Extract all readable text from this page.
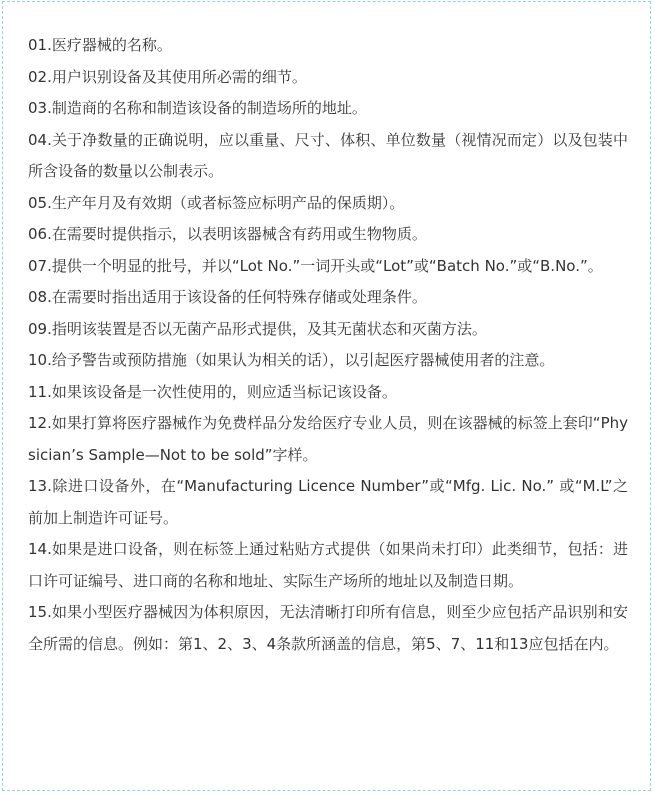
01.医疗器械的名称。

02.用户识别设备及其使用所必需的细节。

03.制造商的名称和制造该设备的制造场所的地址。

04.关于净数量的正确说明，应以重量、尺寸、体积、单位数量（视情况而定）以及包装中所含设备的数量以公制表示。

05.生产年月及有效期（或者标签应标明产品的保质期）。

06.在需要时提供指示，以表明该器械含有药用或生物物质。

07.提供一个明显的批号，并以“Lot No.”一词开头或“Lot”或“Batch No.”或“B.No.”。

08.在需要时指出适用于该设备的任何特殊存储或处理条件。

09.指明该装置是否以无菌产品形式提供，及其无菌状态和灭菌方法。

10.给予警告或预防措施（如果认为相关的话），以引起医疗器械使用者的注意。

11.如果该设备是一次性使用的，则应适当标记该设备。

12.如果打算将医疗器械作为免费样品分发给医疗专业人员，则在该器械的标签上套印“Physician’s Sample—Not to be sold”字样。

13.除进口设备外，在“Manufacturing Licence Number”或“Mfg. Lic. No.” 或“M.L”之前加上制造许可证号。

14.如果是进口设备，则在标签上通过粘贴方式提供（如果尚未打印）此类细节，包括：进口许可证编号、进口商的名称和地址、实际生产场所的地址以及制造日期。

15.如果小型医疗器械因为体积原因，无法清晰打印所有信息，则至少应包括产品识别和安全所需的信息。例如：第1、2、3、4条款所涵盖的信息，第5、7、11和13应包括在内。
